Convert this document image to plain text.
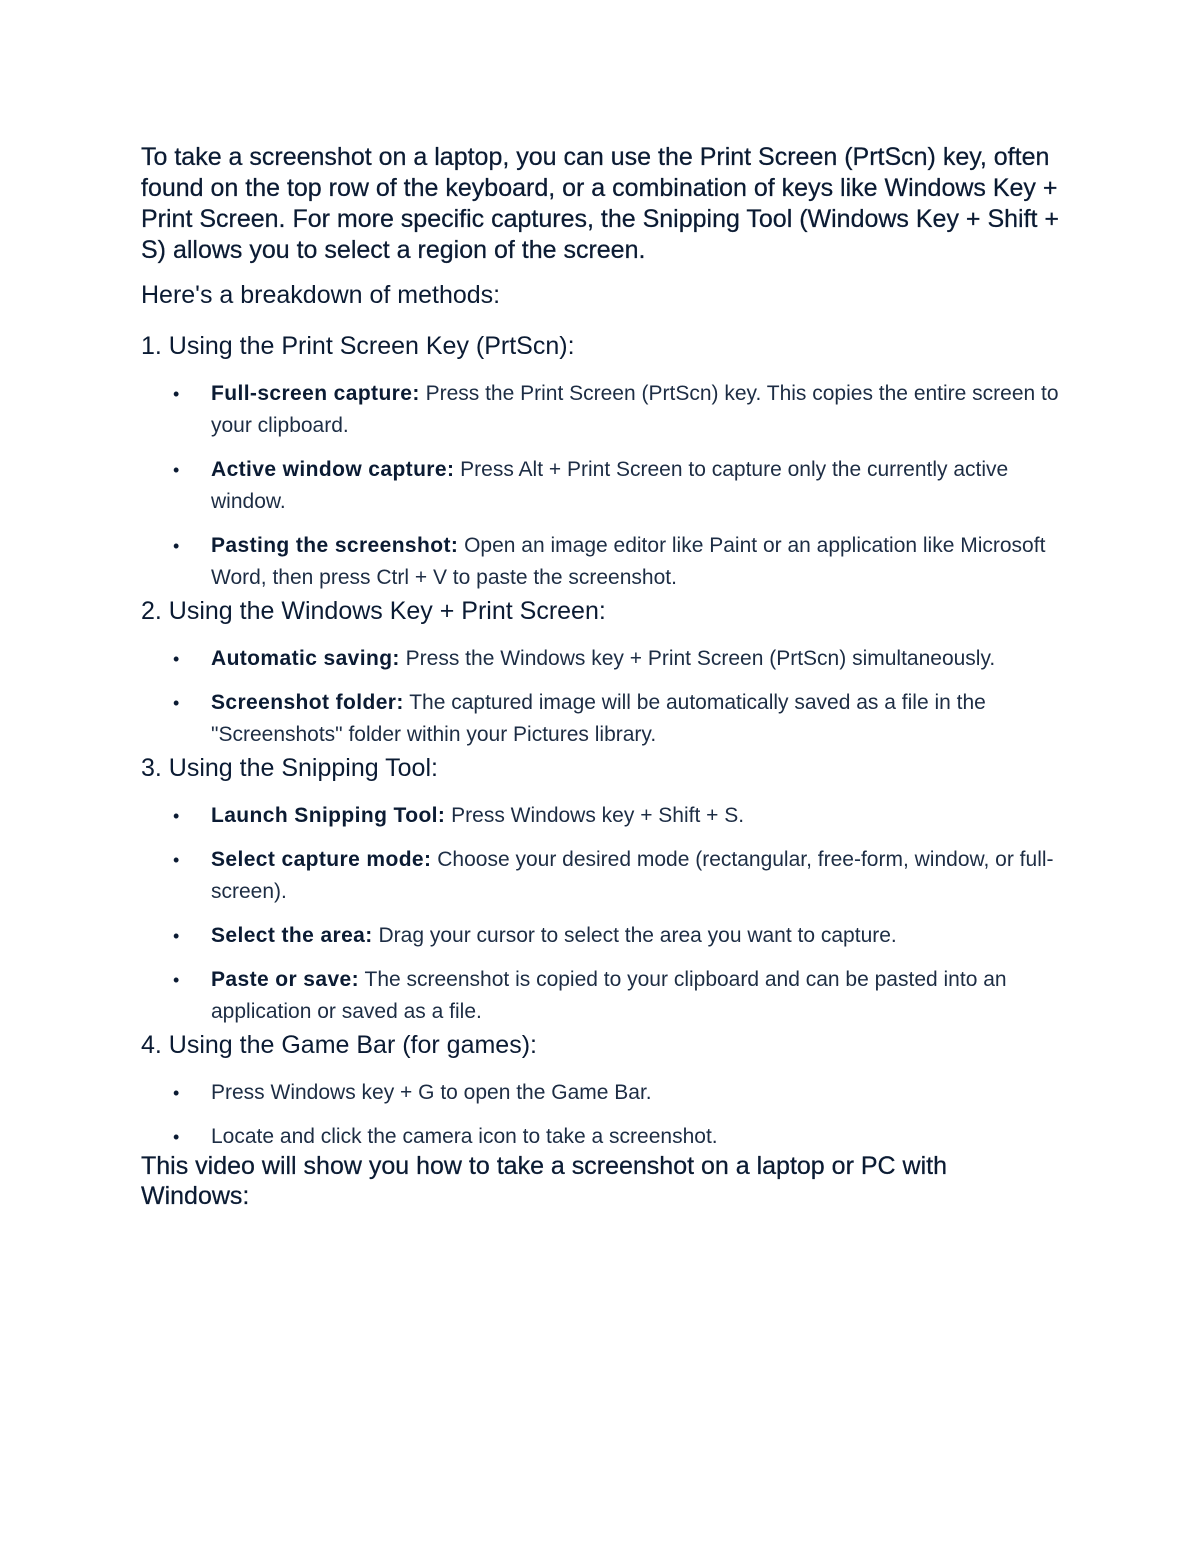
To take a screenshot on a laptop, you can use the Print Screen (PrtScn) key, often found on the top row of the keyboard, or a combination of keys like Windows Key + Print Screen. For more specific captures, the Snipping Tool (Windows Key + Shift + S) allows you to select a region of the screen.

Here's a breakdown of methods:

1. Using the Print Screen Key (PrtScn):

• Full-screen capture: Press the Print Screen (PrtScn) key. This copies the entire screen to your clipboard.
• Active window capture: Press Alt + Print Screen to capture only the currently active window.
• Pasting the screenshot: Open an image editor like Paint or an application like Microsoft Word, then press Ctrl + V to paste the screenshot.

2. Using the Windows Key + Print Screen:

• Automatic saving: Press the Windows key + Print Screen (PrtScn) simultaneously.
• Screenshot folder: The captured image will be automatically saved as a file in the "Screenshots" folder within your Pictures library.

3. Using the Snipping Tool:

• Launch Snipping Tool: Press Windows key + Shift + S.
• Select capture mode: Choose your desired mode (rectangular, free-form, window, or full-screen).
• Select the area: Drag your cursor to select the area you want to capture.
• Paste or save: The screenshot is copied to your clipboard and can be pasted into an application or saved as a file.

4. Using the Game Bar (for games):

• Press Windows key + G to open the Game Bar.
• Locate and click the camera icon to take a screenshot.

This video will show you how to take a screenshot on a laptop or PC with Windows:
